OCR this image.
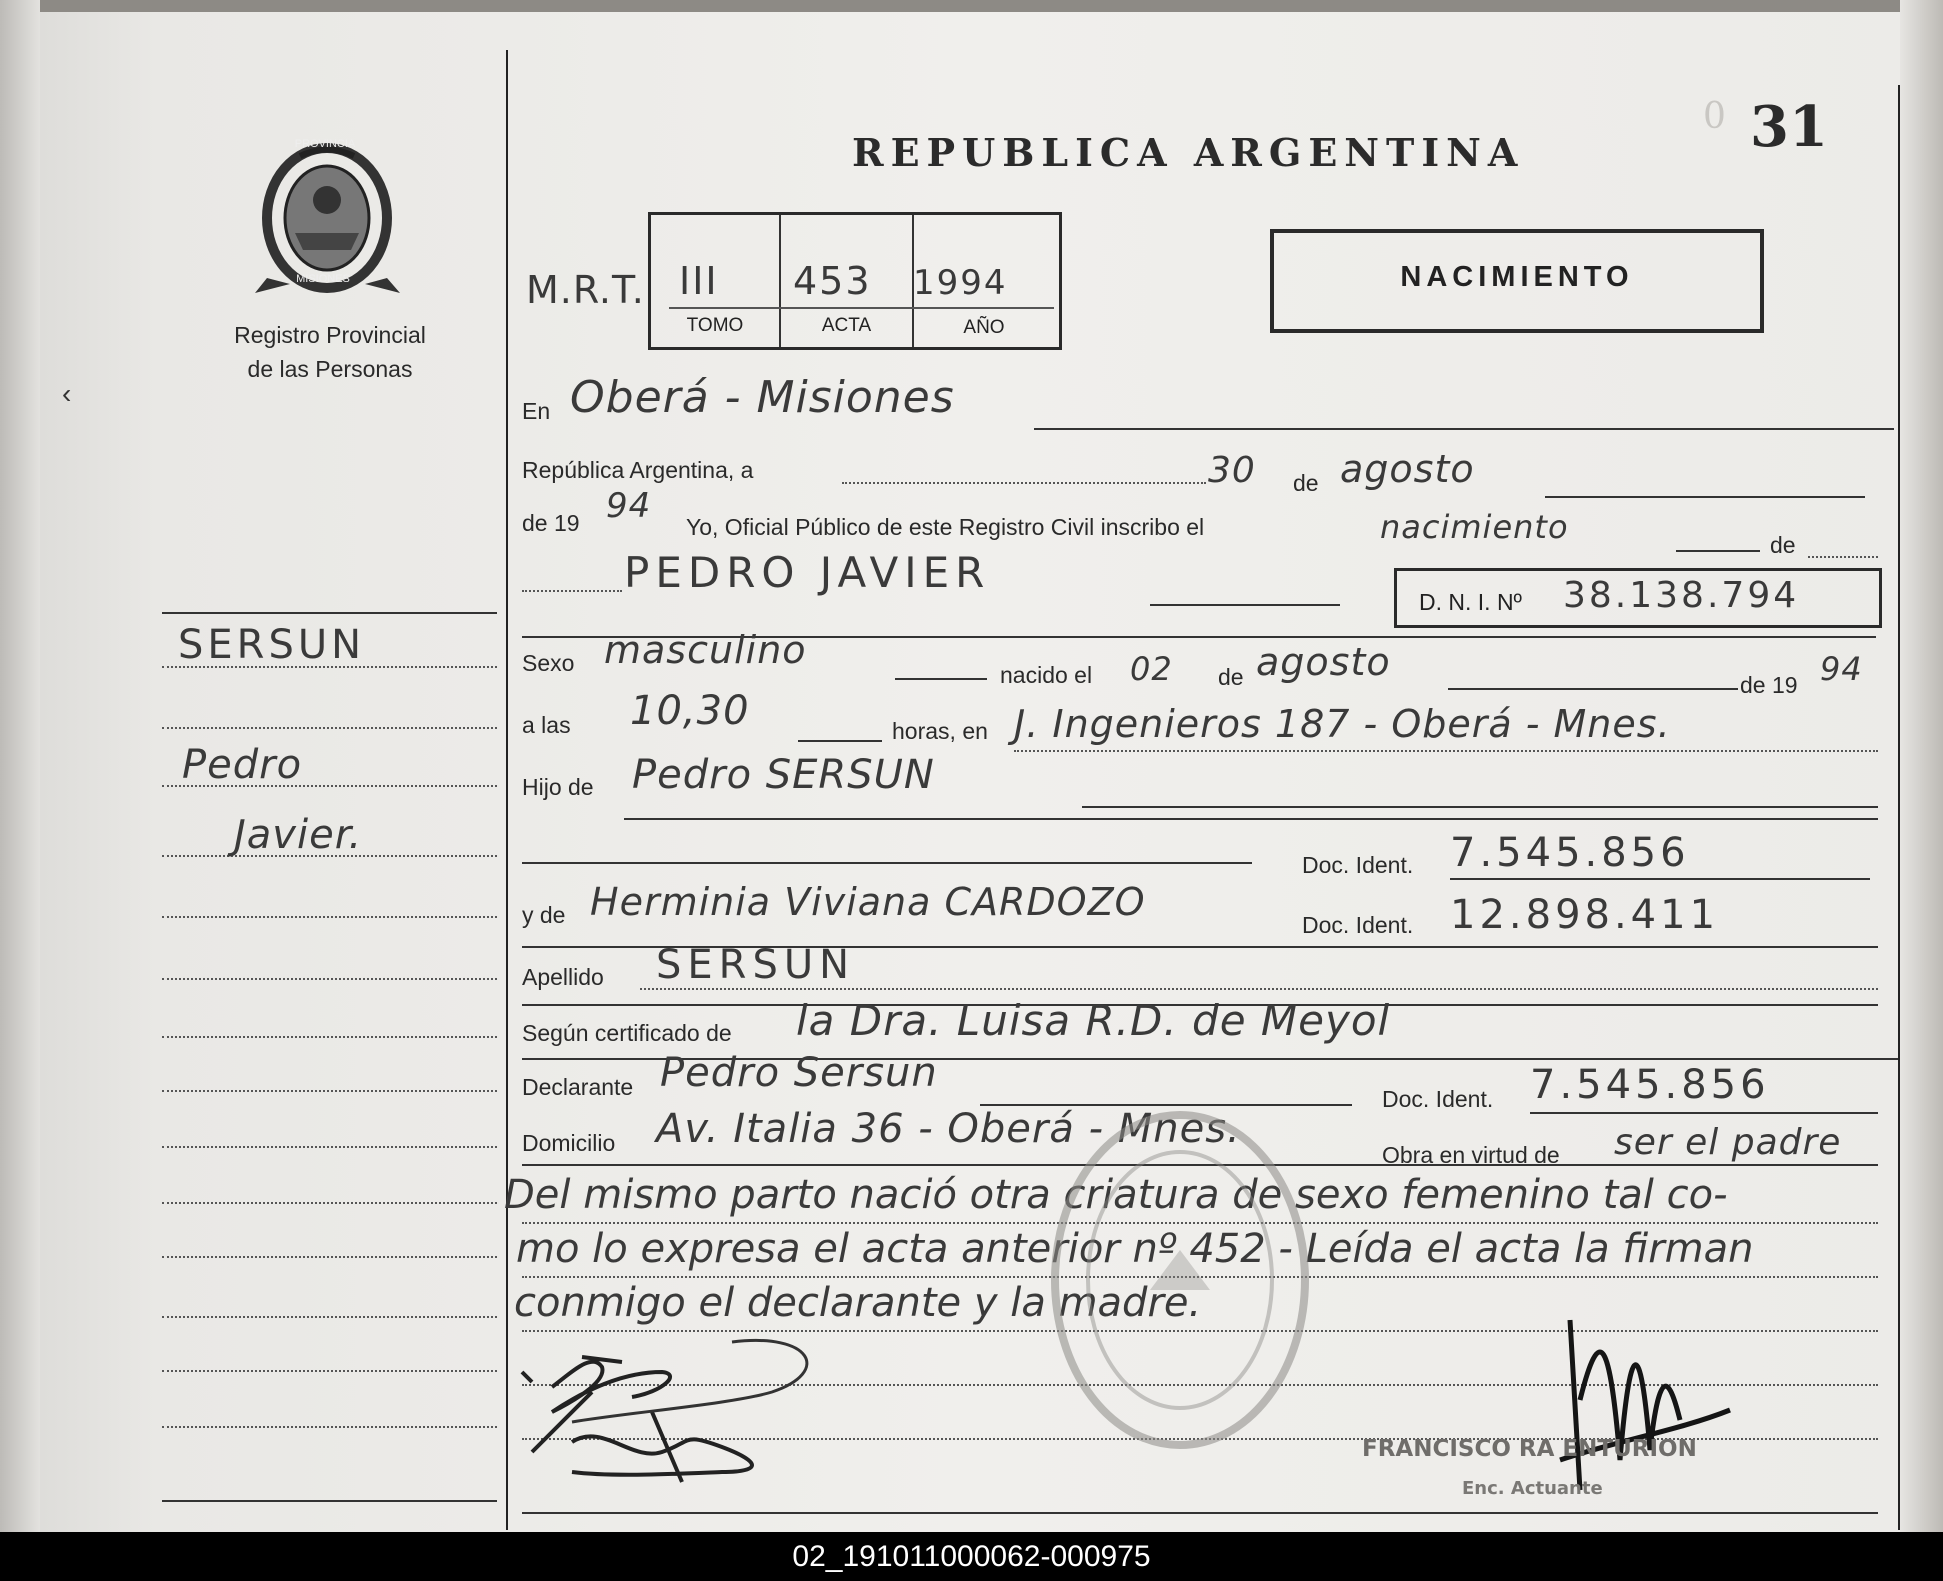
PROVINCIA
MISIONES
Registro Provincial
de las Personas
‹
REPUBLICA ARGENTINA
0 31
M.R.T. III 453 1994
TOMO	ACTA	AÑO
NACIMIENTO
SERSUN
Pedro
Javier.
En Oberá - Misiones
República Argentina, a	30 de agosto
de 19 94
Yo, Oficial Público de este Registro Civil inscribo el	nacimiento	de
PEDRO JAVIER
D. N. I. Nº 38.138.794
Sexo masculino
nacido el 02 de agosto
de 19 94
a las 10,30	horas, en J. Ingenieros 187 - Oberá - Mnes.
Hijo de Pedro SERSUN
Doc. Ident. 7.545.856
y de Herminia Viviana CARDOZO
Doc. Ident. 12.898.411
Apellido SERSUN
Según certificado de la Dra. Luisa R.D. de Meyol
Declarante Pedro Sersun
Doc. Ident. 7.545.856
Domicilio Av. Italia 36 - Oberá - Mnes.
Obra en virtud de ser el padre
Del mismo parto nació otra criatura de sexo femenino tal co-
mo lo expresa el acta anterior nº 452 - Leída el acta la firman
conmigo el declarante y la madre.
FRANCISCO RA ENTURION
Enc. Actuante
02_191011000062-000975
